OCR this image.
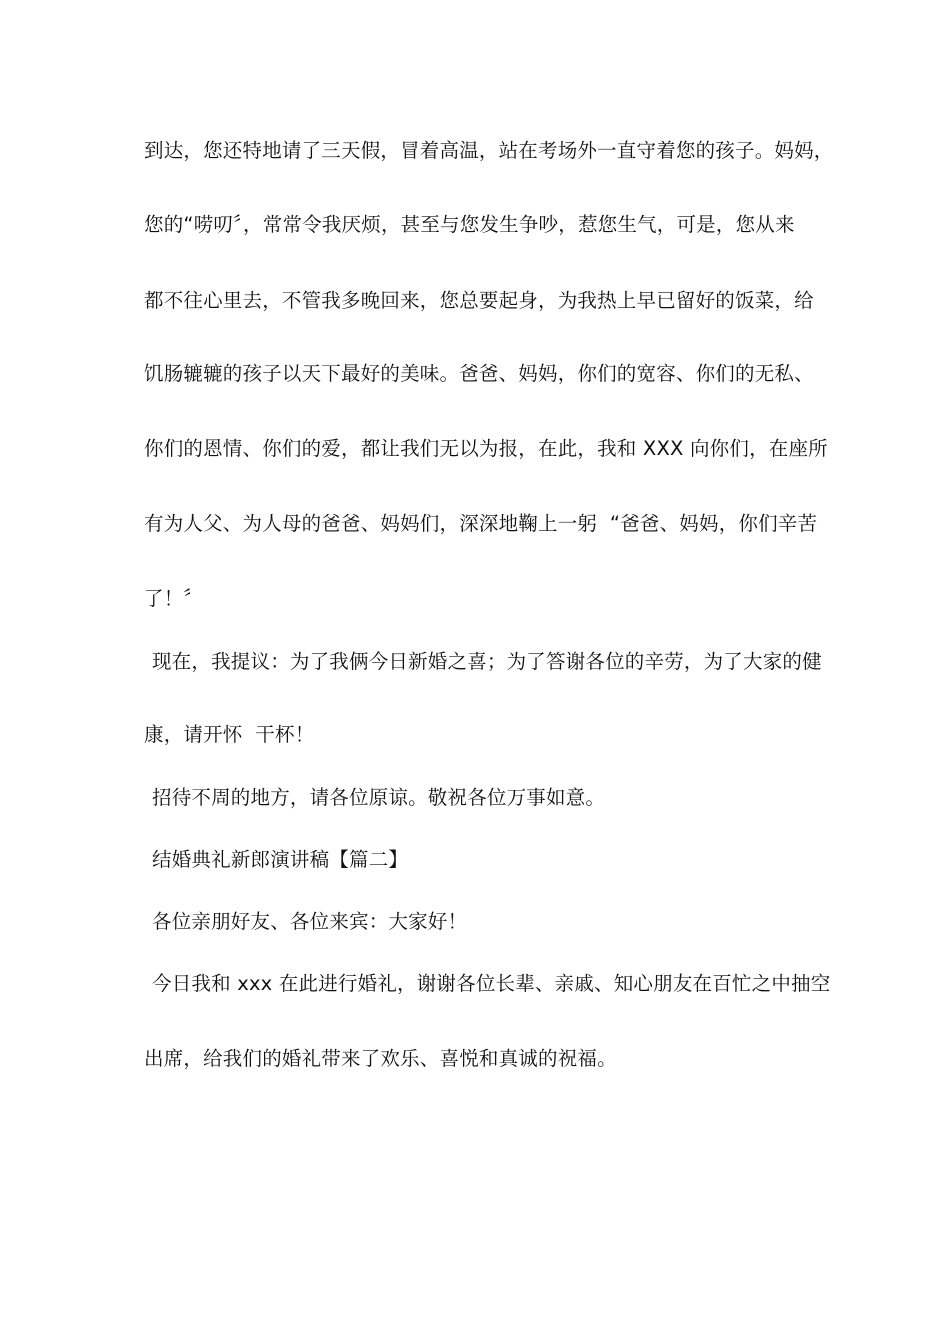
到达，您还特地请了三天假，冒着高温，站在考场外一直守着您的孩子。妈妈，
您的“唠叨〞，常常令我厌烦，甚至与您发生争吵，惹您生气，可是，您从来
都不往心里去，不管我多晚回来，您总要起身，为我热上早已留好的饭菜，给
饥肠辘辘的孩子以天下最好的美味。爸爸、妈妈，你们的宽容、你们的无私、
你们的恩情、你们的爱，都让我们无以为报，在此，我和 XXX 向你们，在座所
有为人父、为人母的爸爸、妈妈们，深深地鞠上一躬  “爸爸、妈妈，你们辛苦
了！〞
现在，我提议：为了我俩今日新婚之喜；为了答谢各位的辛劳，为了大家的健
康，请开怀  干杯！
招待不周的地方，请各位原谅。敬祝各位万事如意。
结婚典礼新郎演讲稿【篇二】
各位亲朋好友、各位来宾：大家好！
今日我和 xxx 在此进行婚礼，谢谢各位长辈、亲戚、知心朋友在百忙之中抽空
出席，给我们的婚礼带来了欢乐、喜悦和真诚的祝福。
